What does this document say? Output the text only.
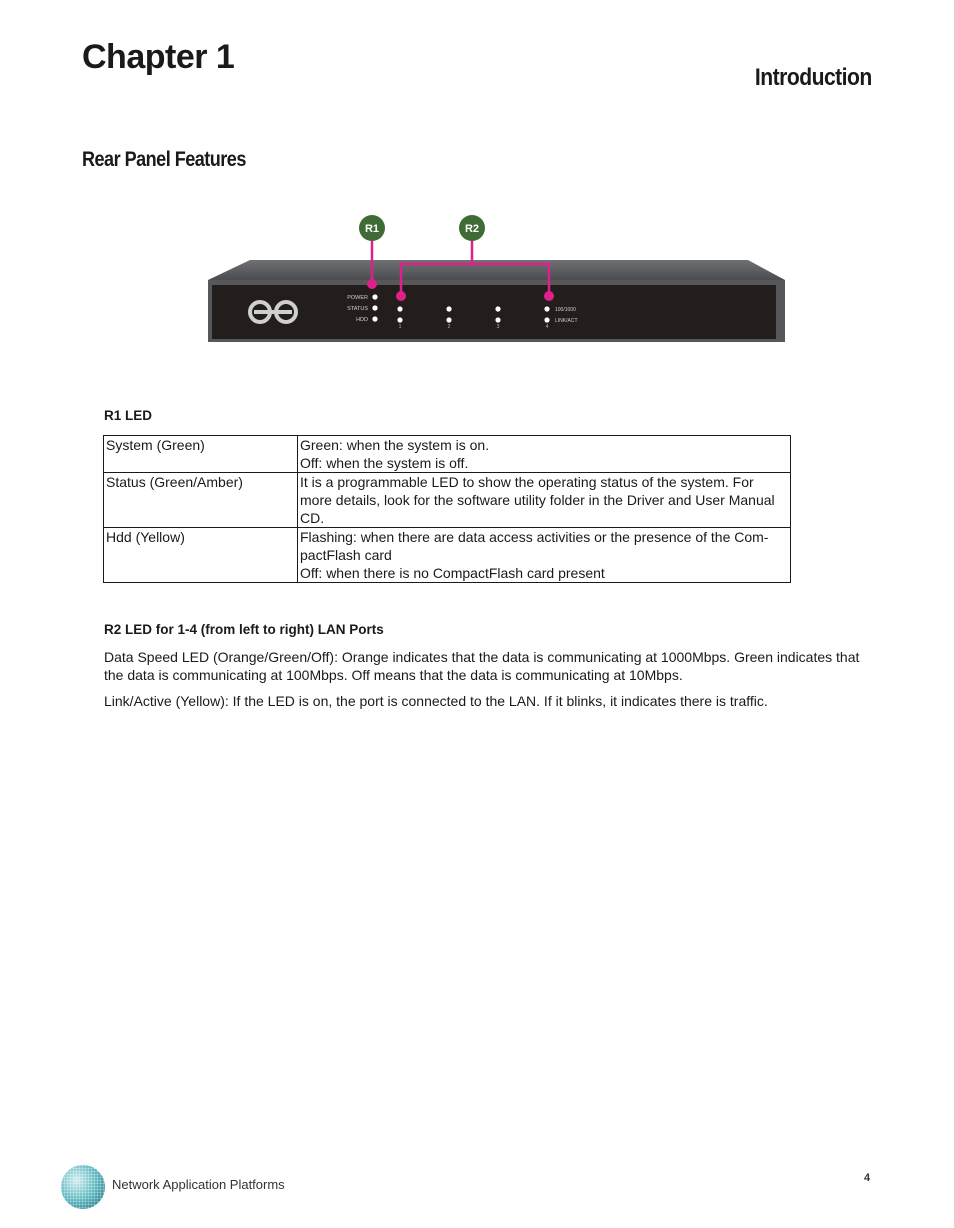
Chapter 1
Introduction
Rear Panel Features
POWER
STATUS
HDD
1	2	3	4
100/1000
LINK/ACT
R1	R2
R1 LED
System (Green)	Green: when the system is on.
Off: when the system is off.

Status (Green/Amber)	It is a programmable LED to show the operating status of the system. For more details, look for the software utility folder in the Driver and User Manual CD.

Hdd (Yellow)	Flashing: when there are data access activities or the presence of the Com- pactFlash card
Off: when there is no CompactFlash card present
R2 LED for 1-4 (from left to right) LAN Ports

Data Speed LED (Orange/Green/Off): Orange indicates that the data is communicating at 1000Mbps. Green indicates that the data is communicating at 100Mbps. Off means that the data is communicating at 10Mbps.

Link/Active (Yellow): If the LED is on, the port is connected to the LAN. If it blinks, it indicates there is traffic.

Network Application Platforms	4
